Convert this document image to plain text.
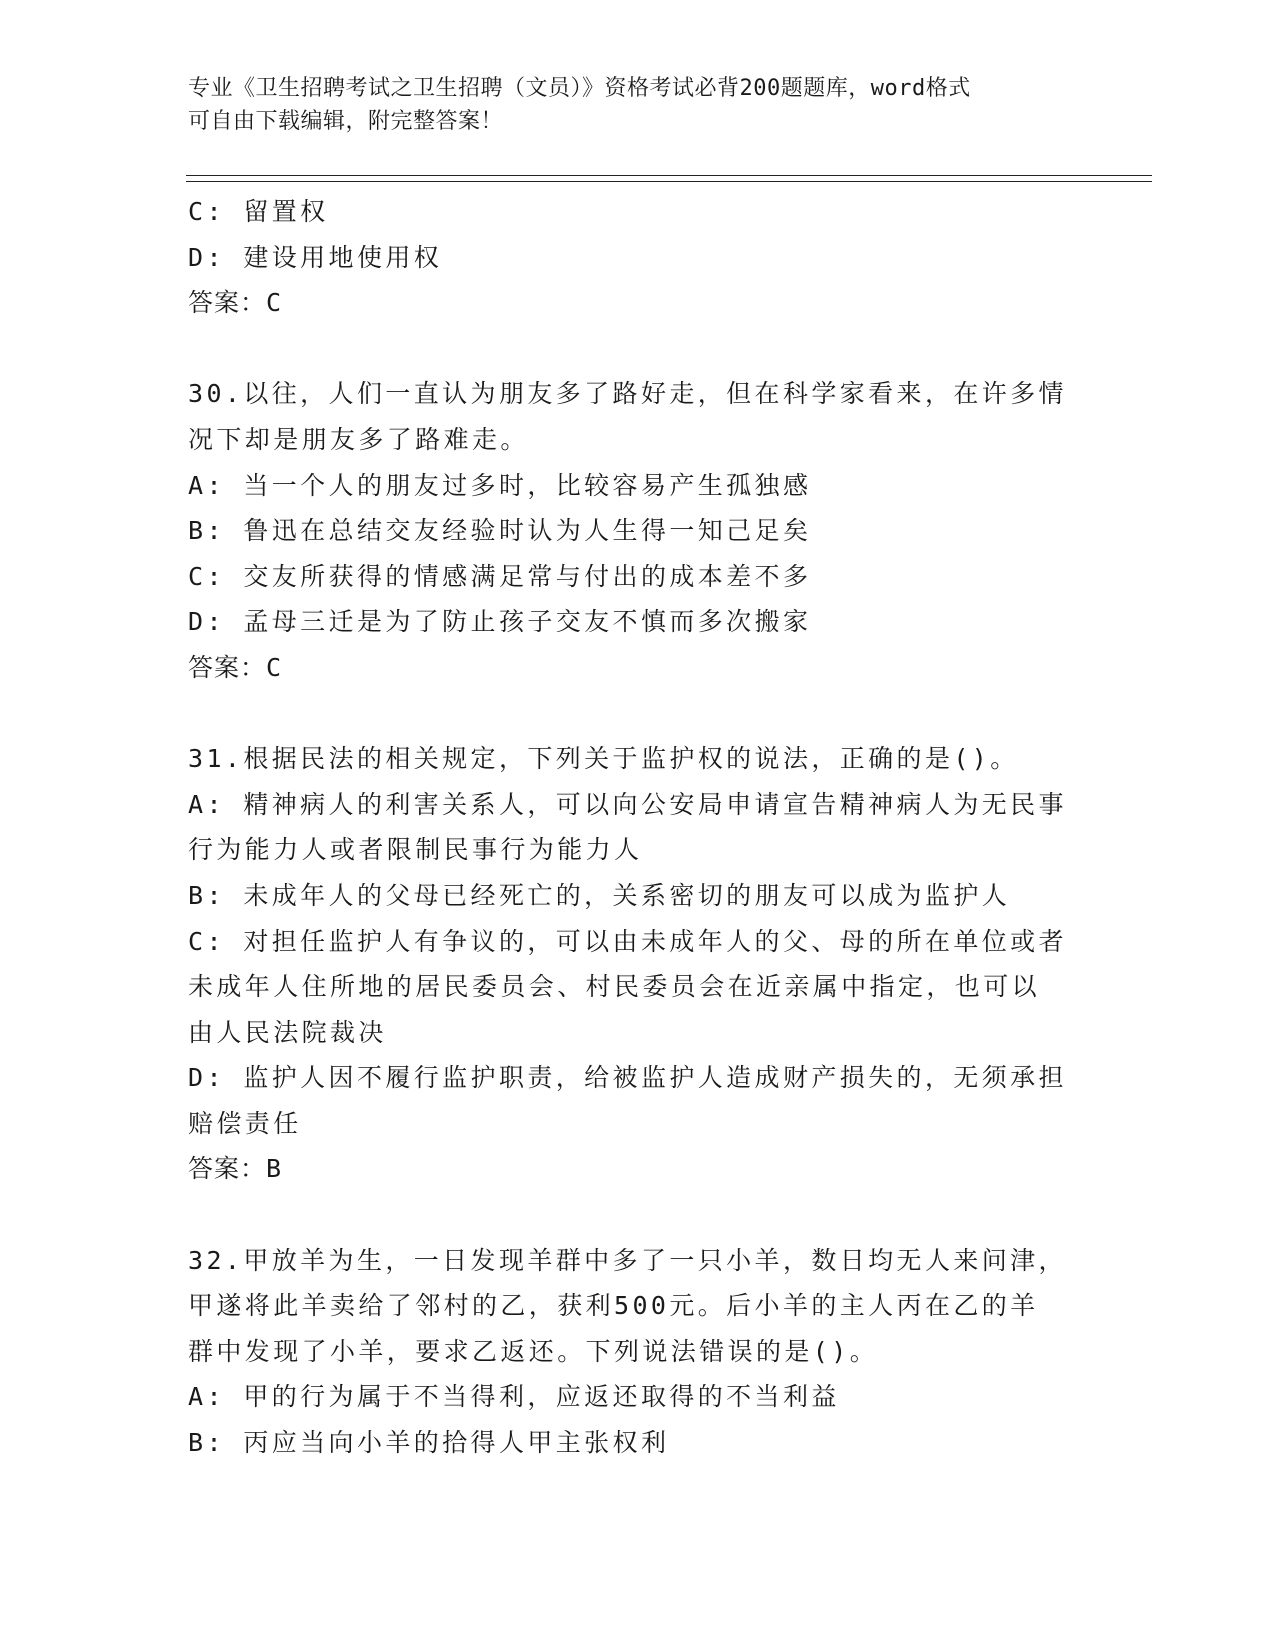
专业《卫生招聘考试之卫生招聘（文员）》资格考试必背200题题库，word格式
可自由下载编辑，附完整答案！
C: 留置权
D: 建设用地使用权
答案：C
30.以往，人们一直认为朋友多了路好走，但在科学家看来，在许多情
况下却是朋友多了路难走。
A: 当一个人的朋友过多时，比较容易产生孤独感
B: 鲁迅在总结交友经验时认为人生得一知己足矣
C: 交友所获得的情感满足常与付出的成本差不多
D: 孟母三迁是为了防止孩子交友不慎而多次搬家
答案：C
31.根据民法的相关规定，下列关于监护权的说法，正确的是()。
A: 精神病人的利害关系人，可以向公安局申请宣告精神病人为无民事
行为能力人或者限制民事行为能力人
B: 未成年人的父母已经死亡的，关系密切的朋友可以成为监护人
C: 对担任监护人有争议的，可以由未成年人的父、母的所在单位或者
未成年人住所地的居民委员会、村民委员会在近亲属中指定，也可以
由人民法院裁决
D: 监护人因不履行监护职责，给被监护人造成财产损失的，无须承担
赔偿责任
答案：B
32.甲放羊为生，一日发现羊群中多了一只小羊，数日均无人来问津，
甲遂将此羊卖给了邻村的乙，获利500元。后小羊的主人丙在乙的羊
群中发现了小羊，要求乙返还。下列说法错误的是()。
A: 甲的行为属于不当得利，应返还取得的不当利益
B: 丙应当向小羊的拾得人甲主张权利
